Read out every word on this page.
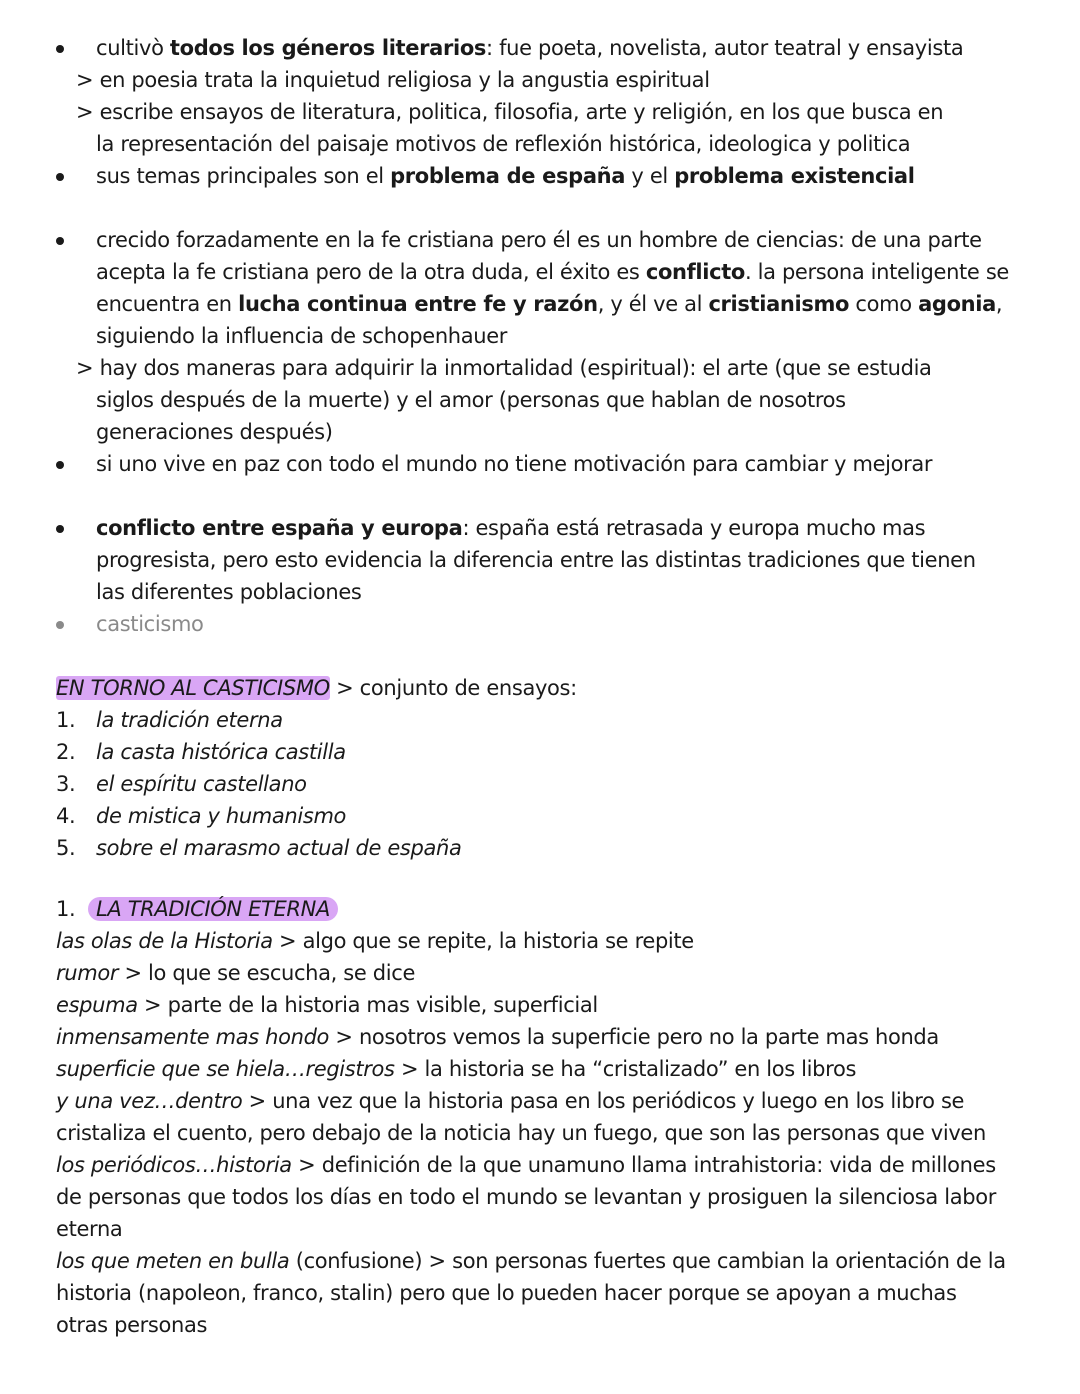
cultivò todos los géneros literarios: fue poeta, novelista, autor teatral y ensayista
> en poesia trata la inquietud religiosa y la angustia espiritual
> escribe ensayos de literatura, politica, filosofia, arte y religión, en los que busca en
la representación del paisaje motivos de reflexión histórica, ideologica y politica
sus temas principales son el problema de españa y el problema existencial
crecido forzadamente en la fe cristiana pero él es un hombre de ciencias: de una parte
acepta la fe cristiana pero de la otra duda, el éxito es conflicto. la persona inteligente se
encuentra en lucha continua entre fe y razón, y él ve al cristianismo como agonia,
siguiendo la influencia de schopenhauer
> hay dos maneras para adquirir la inmortalidad (espiritual): el arte (que se estudia
siglos después de la muerte) y el amor (personas que hablan de nosotros
generaciones después)
si uno vive en paz con todo el mundo no tiene motivación para cambiar y mejorar
conflicto entre españa y europa: españa está retrasada y europa mucho mas
progresista, pero esto evidencia la diferencia entre las distintas tradiciones que tienen
las diferentes poblaciones
casticismo
EN TORNO AL CASTICISMO > conjunto de ensayos:
1. la tradición eterna
2. la casta histórica castilla
3. el espíritu castellano
4. de mistica y humanismo
5. sobre el marasmo actual de españa
1. LA TRADICIÓN ETERNA
las olas de la Historia > algo que se repite, la historia se repite
rumor > lo que se escucha, se dice
espuma > parte de la historia mas visible, superficial
inmensamente mas hondo > nosotros vemos la superficie pero no la parte mas honda
superficie que se hiela…registros > la historia se ha “cristalizado” en los libros
y una vez…dentro > una vez que la historia pasa en los periódicos y luego en los libro se
cristaliza el cuento, pero debajo de la noticia hay un fuego, que son las personas que viven
los periódicos…historia > definición de la que unamuno llama intrahistoria: vida de millones
de personas que todos los días en todo el mundo se levantan y prosiguen la silenciosa labor
eterna
los que meten en bulla (confusione) > son personas fuertes que cambian la orientación de la
historia (napoleon, franco, stalin) pero que lo pueden hacer porque se apoyan a muchas
otras personas
